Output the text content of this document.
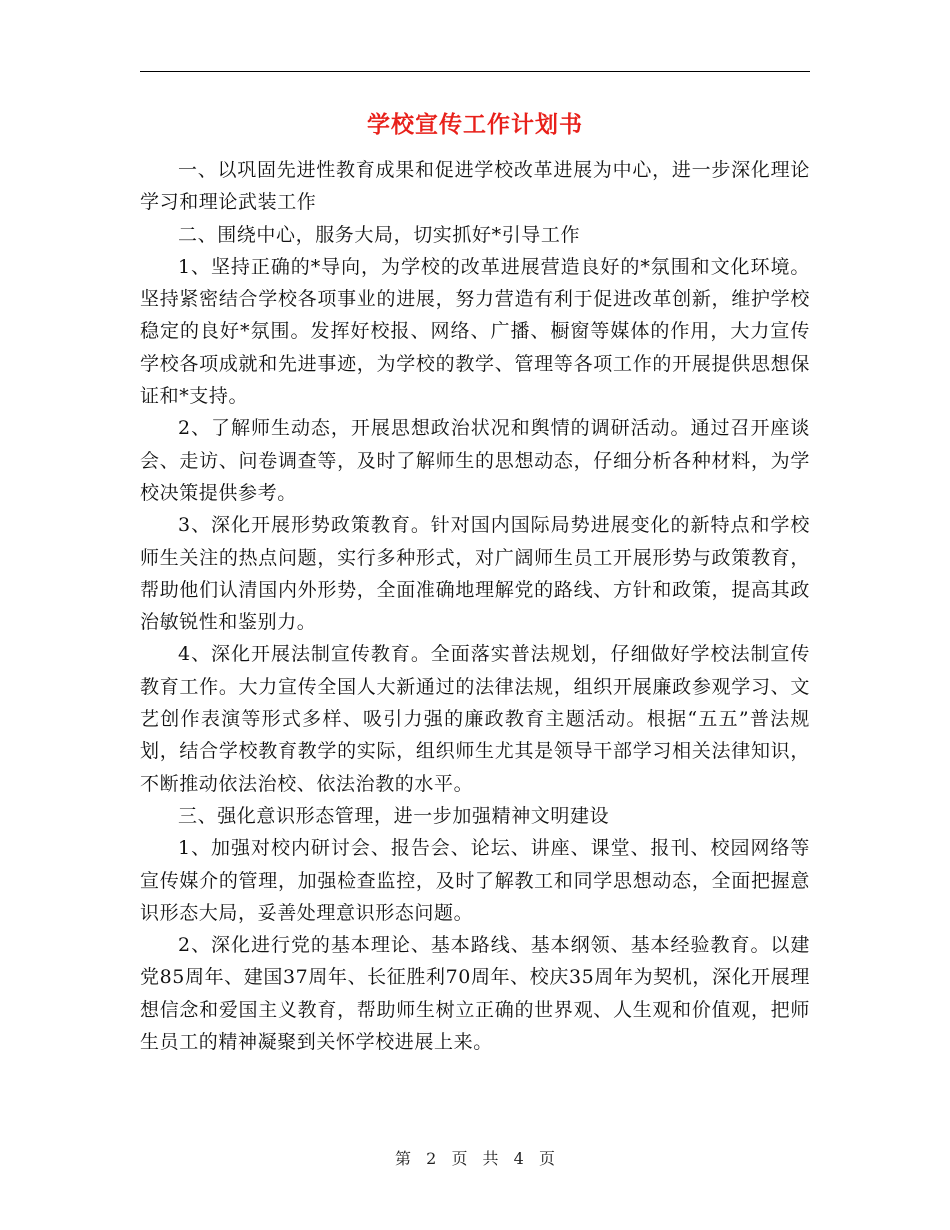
学校宣传工作计划书

一、以巩固先进性教育成果和促进学校改革进展为中心，进一步深化理论学习和理论武装工作

二、围绕中心，服务大局，切实抓好*引导工作

1、坚持正确的*导向，为学校的改革进展营造良好的*氛围和文化环境。坚持紧密结合学校各项事业的进展，努力营造有利于促进改革创新，维护学校稳定的良好*氛围。发挥好校报、网络、广播、橱窗等媒体的作用，大力宣传学校各项成就和先进事迹，为学校的教学、管理等各项工作的开展提供思想保证和*支持。

2、了解师生动态，开展思想政治状况和舆情的调研活动。通过召开座谈会、走访、问卷调查等，及时了解师生的思想动态，仔细分析各种材料，为学校决策提供参考。

3、深化开展形势政策教育。针对国内国际局势进展变化的新特点和学校师生关注的热点问题，实行多种形式，对广阔师生员工开展形势与政策教育，帮助他们认清国内外形势，全面准确地理解党的路线、方针和政策，提高其政治敏锐性和鉴别力。

4、深化开展法制宣传教育。全面落实普法规划，仔细做好学校法制宣传教育工作。大力宣传全国人大新通过的法律法规，组织开展廉政参观学习、文艺创作表演等形式多样、吸引力强的廉政教育主题活动。根据“五五”普法规划，结合学校教育教学的实际，组织师生尤其是领导干部学习相关法律知识，不断推动依法治校、依法治教的水平。

三、强化意识形态管理，进一步加强精神文明建设

1、加强对校内研讨会、报告会、论坛、讲座、课堂、报刊、校园网络等宣传媒介的管理，加强检查监控，及时了解教工和同学思想动态，全面把握意识形态大局，妥善处理意识形态问题。

2、深化进行党的基本理论、基本路线、基本纲领、基本经验教育。以建党85周年、建国37周年、长征胜利70周年、校庆35周年为契机，深化开展理想信念和爱国主义教育，帮助师生树立正确的世界观、人生观和价值观，把师生员工的精神凝聚到关怀学校进展上来。

第 2 页 共 4 页
